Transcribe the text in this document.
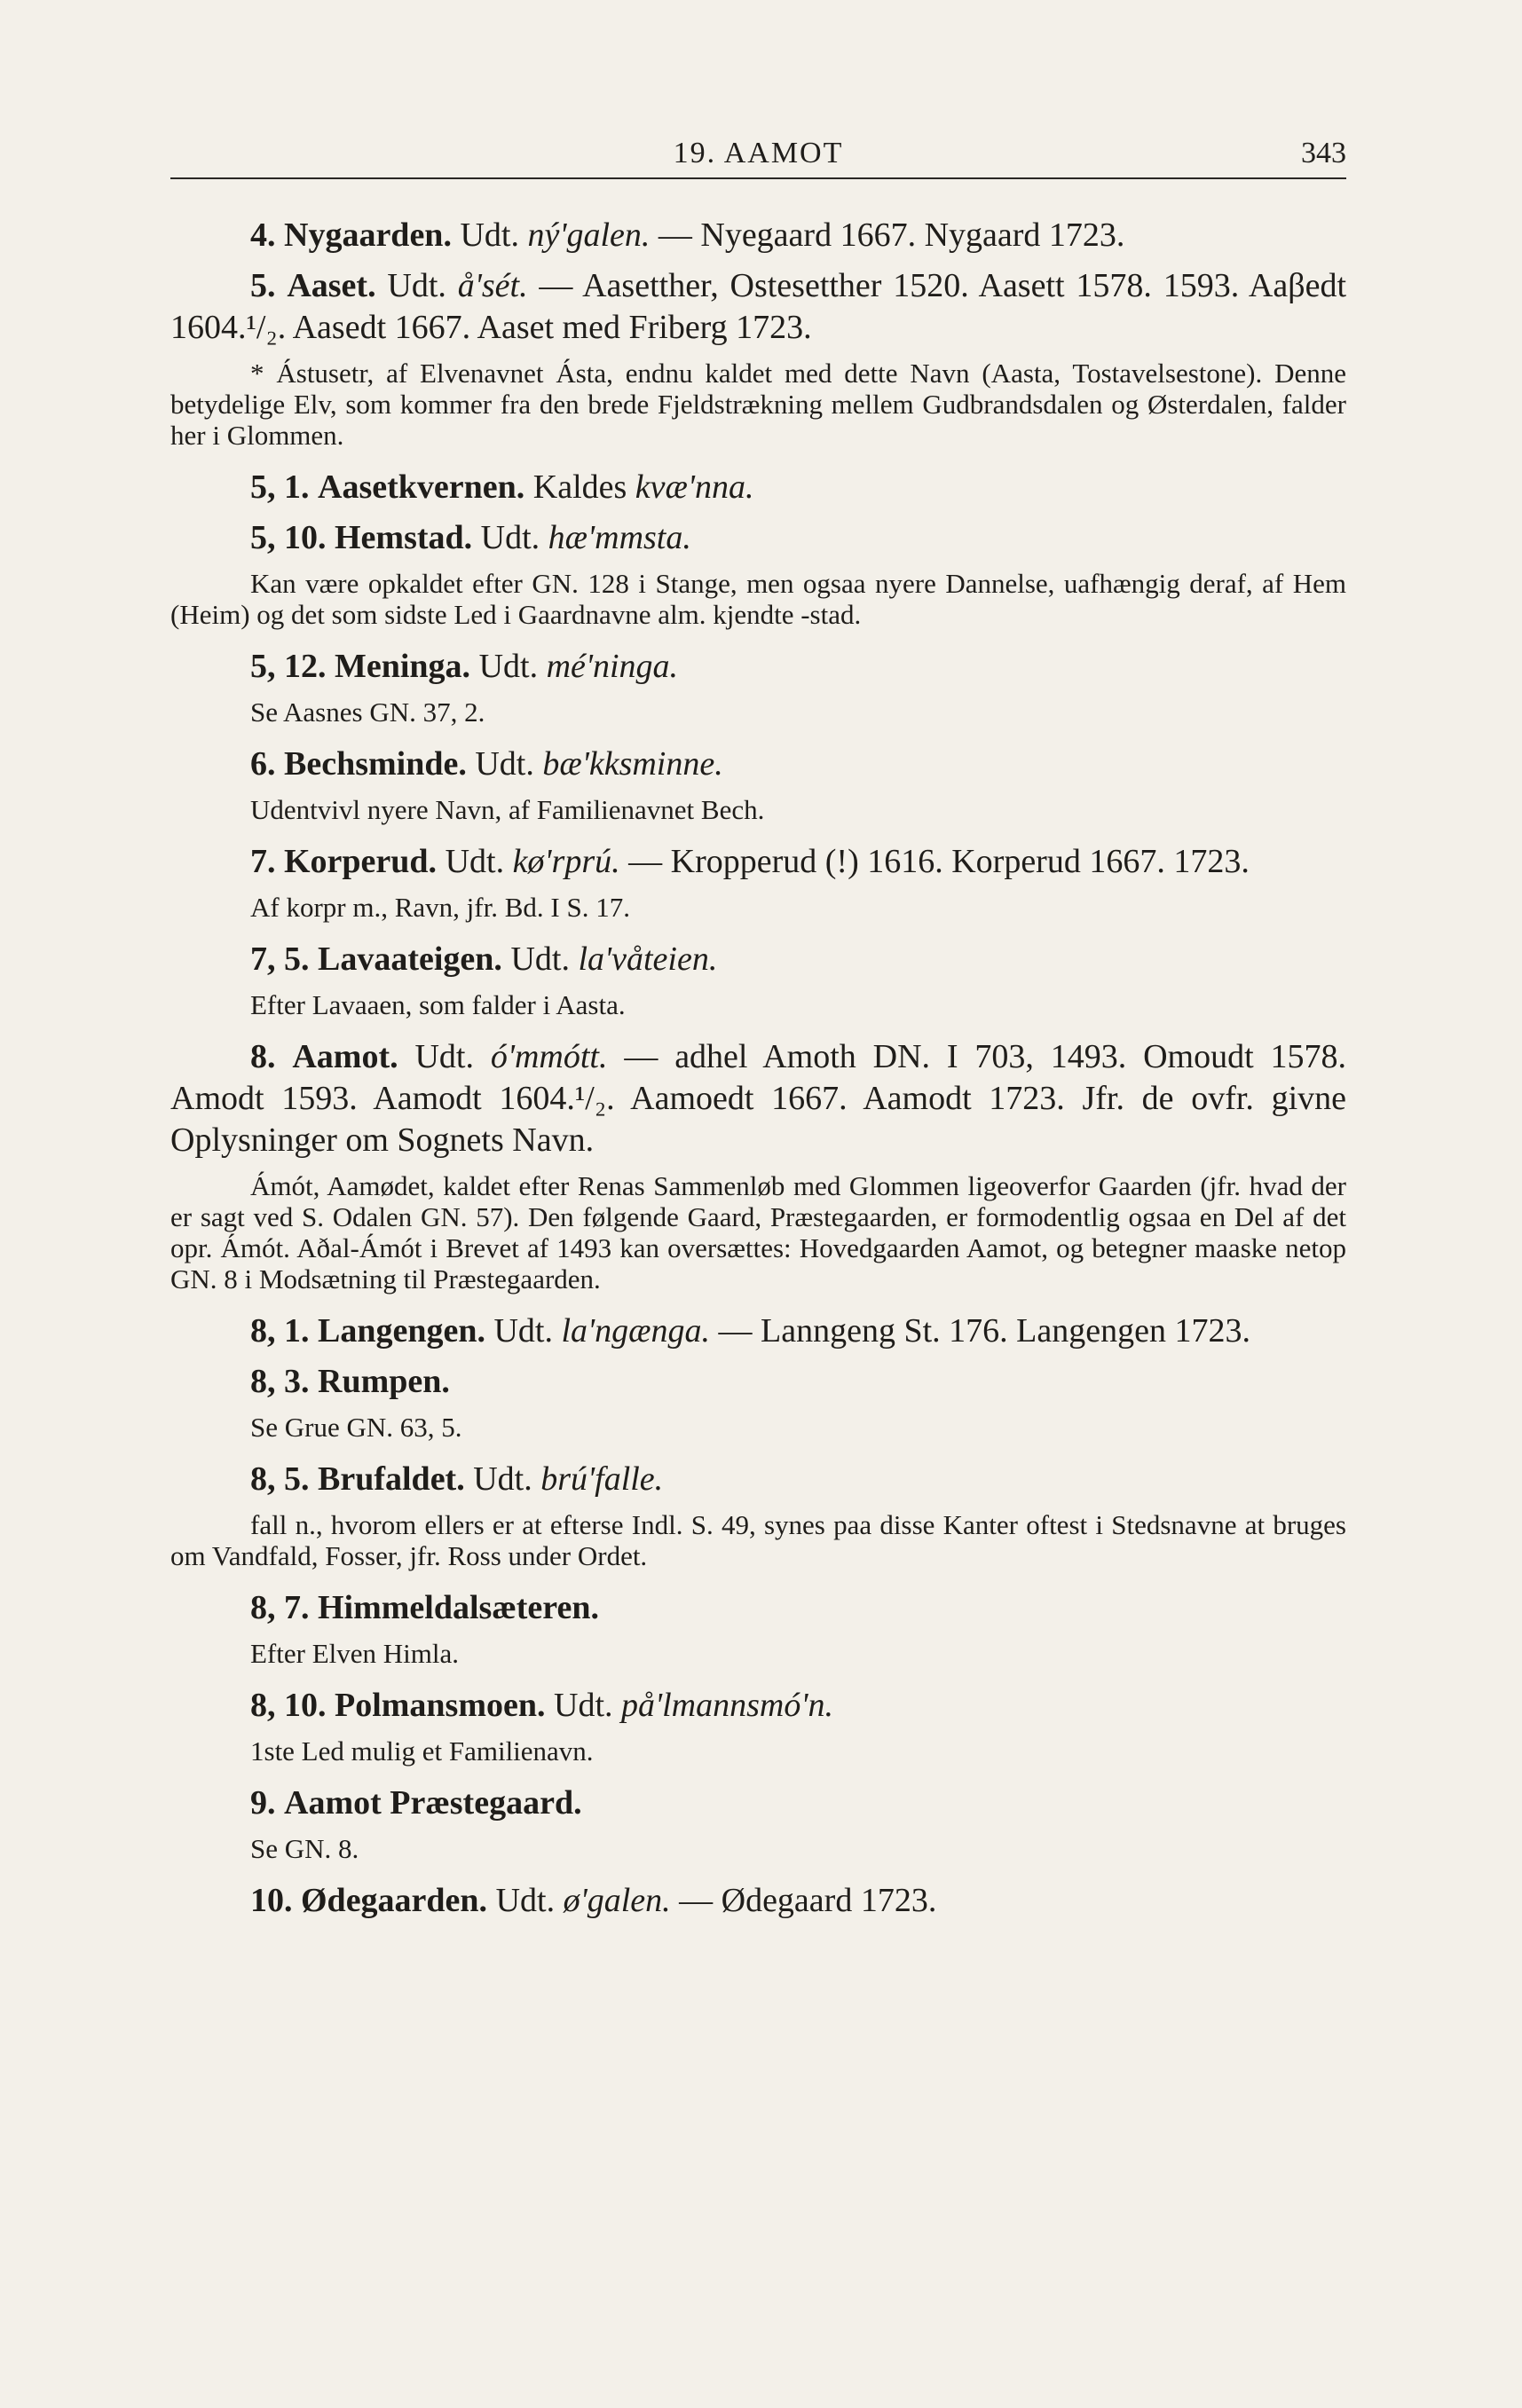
19. AAMOT	343

4. Nygaarden. Udt. ný'galen. — Nyegaard 1667. Nygaard 1723.

5. Aaset. Udt. å'sét. — Aasetther, Ostesetther 1520. Aasett 1578. 1593. Aaβedt 1604.¹/₂. Aasedt 1667. Aaset med Friberg 1723.

* Ástusetr, af Elvenavnet Ásta, endnu kaldet med dette Navn (Aasta, Tostavelsestone). Denne betydelige Elv, som kommer fra den brede Fjeldstrækning mellem Gudbrandsdalen og Østerdalen, falder her i Glommen.

5, 1. Aasetkvernen. Kaldes kvæ'nna.

5, 10. Hemstad. Udt. hæ'mmsta.

Kan være opkaldet efter GN. 128 i Stange, men ogsaa nyere Dannelse, uafhængig deraf, af Hem (Heim) og det som sidste Led i Gaardnavne alm. kjendte -stad.

5, 12. Meninga. Udt. mé'ninga.

Se Aasnes GN. 37, 2.

6. Bechsminde. Udt. bæ'kksminne.

Udentvivl nyere Navn, af Familienavnet Bech.

7. Korperud. Udt. kø'rprú. — Kropperud (!) 1616. Korperud 1667. 1723.

Af korpr m., Ravn, jfr. Bd. I S. 17.

7, 5. Lavaateigen. Udt. la'våteien.

Efter Lavaaen, som falder i Aasta.

8. Aamot. Udt. ó'mmótt. — adhel Amoth DN. I 703, 1493. Omoudt 1578. Amodt 1593. Aamodt 1604.¹/₂. Aamoedt 1667. Aamodt 1723. Jfr. de ovfr. givne Oplysninger om Sognets Navn.

Ámót, Aamødet, kaldet efter Renas Sammenløb med Glommen ligeoverfor Gaarden (jfr. hvad der er sagt ved S. Odalen GN. 57). Den følgende Gaard, Præstegaarden, er formodentlig ogsaa en Del af det opr. Ámót. Aðal-Ámót i Brevet af 1493 kan oversættes: Hovedgaarden Aamot, og betegner maaske netop GN. 8 i Modsætning til Præstegaarden.

8, 1. Langengen. Udt. la'ngænga. — Lanngeng St. 176. Langengen 1723.

8, 3. Rumpen.

Se Grue GN. 63, 5.

8, 5. Brufaldet. Udt. brú'falle.

fall n., hvorom ellers er at efterse Indl. S. 49, synes paa disse Kanter oftest i Stedsnavne at bruges om Vandfald, Fosser, jfr. Ross under Ordet.

8, 7. Himmeldalsæteren.

Efter Elven Himla.

8, 10. Polmansmoen. Udt. på'lmannsmó'n.

1ste Led mulig et Familienavn.

9. Aamot Præstegaard.

Se GN. 8.

10. Ødegaarden. Udt. ø'galen. — Ødegaard 1723.
